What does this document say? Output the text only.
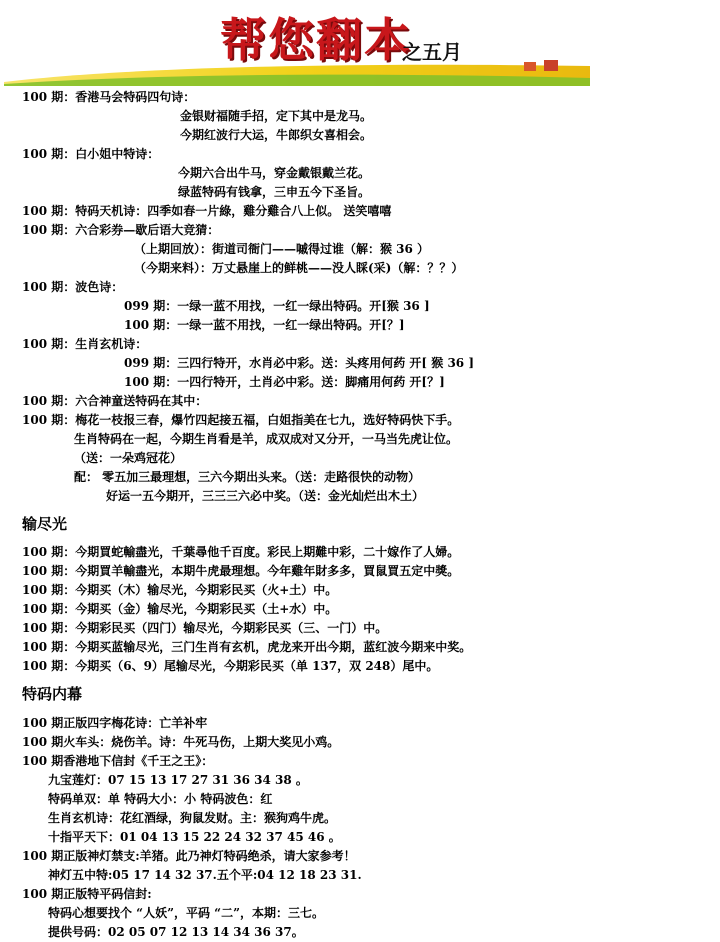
帮您翻本
之五月
100 期：香港马会特码四句诗：
金银财福随手招，定下其中是龙马。
今期红波行大运，牛郎织女喜相会。
100 期：白小姐中特诗：
今期六合出牛马，穿金戴银戴兰花。
绿蓝特码有钱拿，三申五今下圣旨。
100 期：特码天机诗：四季如春一片綠，雞分雞合八上似。 送笑嘻嘻
100 期：六合彩券—歇后语大竞猜：
（上期回放）：街道司衙门——嘁得过谁（解：猴 36 ）
（今期来料）：万丈悬崖上的鲜桃——没人睬(采)（解：？？）
100 期：波色诗：
099 期：一绿一蓝不用找，一红一绿出特码。开[猴 36 ]
100 期：一绿一蓝不用找，一红一绿出特码。开[？]
100 期：生肖玄机诗：
099 期：三四行特开，水肖必中彩。送：头疼用何药 开[ 猴 36 ]
100 期：一四行特开，土肖必中彩。送：脚痛用何药 开[？]
100 期：六合神童送特码在其中：
100 期：梅花一枝报三春，爆竹四起接五福，白姐指美在七九，选好特码快下手。
生肖特码在一起，今期生肖看是羊，成双成对又分开，一马当先虎让位。
（送：一朵鸡冠花）
配： 零五加三最理想，三六今期出头来。（送：走路很快的动物）
好运一五今期开，三三三六必中奖。（送：金光灿烂出木土）
输尽光
100 期：今期買蛇輸盡光，千葉尋他千百度。彩民上期難中彩，二十嫁作了人婦。
100 期：今期買羊輸盡光，本期牛虎最理想。今年雞年財多多，買鼠買五定中獎。
100 期：今期买（木）输尽光，今期彩民买（火+土）中。
100 期：今期买（金）输尽光，今期彩民买（土+水）中。
100 期：今期彩民买（四门）输尽光，今期彩民买（三、一门）中。
100 期：今期买蓝输尽光，三门生肖有玄机，虎龙来开出今期，蓝红波今期来中奖。
100 期：今期买（6、9）尾输尽光，今期彩民买（单 137，双 248）尾中。
特码内幕
100 期正版四字梅花诗：亡羊补牢
100 期火车头：烧伤羊。诗：牛死马伤，上期大奖见小鸡。
100 期香港地下信封《千王之王》：
九宝莲灯：07 15 13 17 27 31 36 34 38 。
特码单双：单 特码大小：小 特码波色：红
生肖玄机诗：花红酒绿，狗鼠发财。主：猴狗鸡牛虎。
十指平天下：01 04 13 15 22 24 32 37 45 46 。
100 期正版神灯禁支:羊猪。此乃神灯特码绝杀，请大家参考！
神灯五中特:05 17 14 32 37.五个平:04 12 18 23 31.
100 期正版特平码信封:
特码心想要找个 “人妖”，平码 “二”，本期：三七。
提供号码：02 05 07 12 13 14 34 36 37。
